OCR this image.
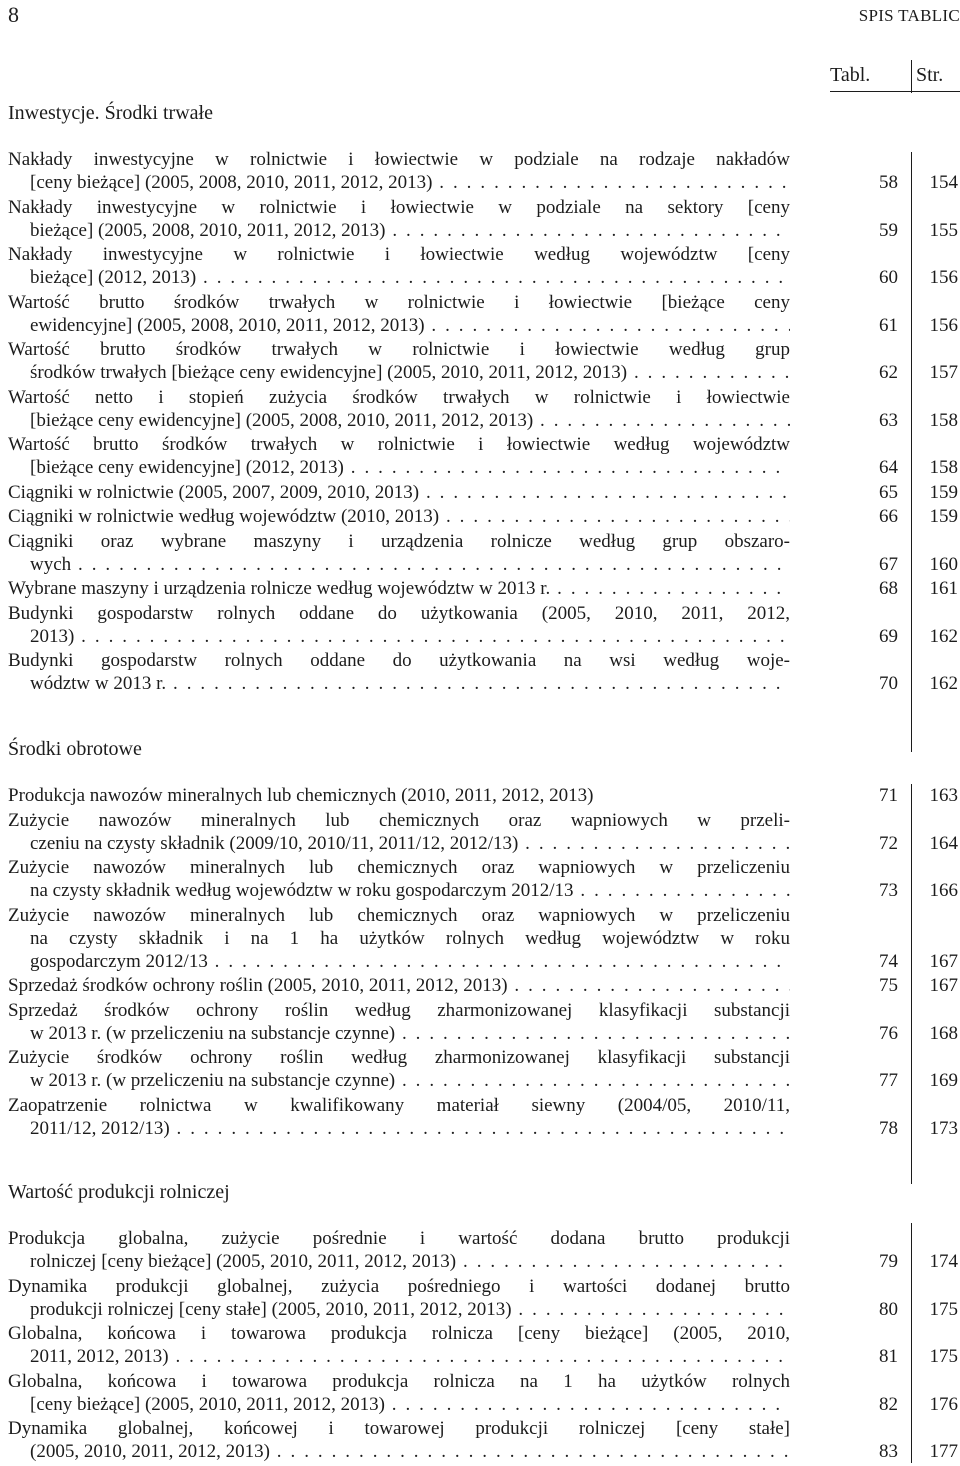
8	SPIS TABLIC
Tabl. Str.
Inwestycje. Środki trwałe
Nakłady inwestycyjne w rolnictwie i łowiectwie w podziale na rodzaje nakładów
[ceny bieżące] (2005, 2008, 2010, 2011, 2012, 2013) . . .	58 154
Nakłady inwestycyjne w rolnictwie i łowiectwie w podziale na sektory [ceny
bieżące] (2005, 2008, 2010, 2011, 2012, 2013) . . .	59 155
Nakłady inwestycyjne w rolnictwie i łowiectwie według województw [ceny
bieżące] (2012, 2013) . . .	60 156
Wartość brutto środków trwałych w rolnictwie i łowiectwie [bieżące ceny
ewidencyjne] (2005, 2008, 2010, 2011, 2012, 2013) . . .	61 156
Wartość brutto środków trwałych w rolnictwie i łowiectwie według grup
środków trwałych [bieżące ceny ewidencyjne] (2005, 2010, 2011, 2012, 2013) . . .	62 157
Wartość netto i stopień zużycia środków trwałych w rolnictwie i łowiectwie
[bieżące ceny ewidencyjne] (2005, 2008, 2010, 2011, 2012, 2013) . . .	63 158
Wartość brutto środków trwałych w rolnictwie i łowiectwie według województw
[bieżące ceny ewidencyjne] (2012, 2013) . . .	64 158
Ciągniki w rolnictwie (2005, 2007, 2009, 2010, 2013) . . .	65 159
Ciągniki w rolnictwie według województw (2010, 2013) . . .	66 159
Ciągniki oraz wybrane maszyny i urządzenia rolnicze według grup obszaro-
wych . . .	67 160
Wybrane maszyny i urządzenia rolnicze według województw w 2013 r. . . .	68 161
Budynki gospodarstw rolnych oddane do użytkowania (2005, 2010, 2011, 2012,
2013) . . .	69 162
Budynki gospodarstw rolnych oddane do użytkowania na wsi według woje-
wództw w 2013 r. . . .	70 162
Środki obrotowe
Produkcja nawozów mineralnych lub chemicznych (2010, 2011, 2012, 2013)	71 163
Zużycie nawozów mineralnych lub chemicznych oraz wapniowych w przeli-
czeniu na czysty składnik (2009/10, 2010/11, 2011/12, 2012/13) . . .	72 164
Zużycie nawozów mineralnych lub chemicznych oraz wapniowych w przeliczeniu
na czysty składnik według województw w roku gospodarczym 2012/13 . . .	73 166
Zużycie nawozów mineralnych lub chemicznych oraz wapniowych w przeliczeniu
na czysty składnik i na 1 ha użytków rolnych według województw w roku
gospodarczym 2012/13 . . .	74 167
Sprzedaż środków ochrony roślin (2005, 2010, 2011, 2012, 2013) . . .	75 167
Sprzedaż środków ochrony roślin według zharmonizowanej klasyfikacji substancji
w 2013 r. (w przeliczeniu na substancje czynne) . . .	76 168
Zużycie środków ochrony roślin według zharmonizowanej klasyfikacji substancji
w 2013 r. (w przeliczeniu na substancje czynne) . . .	77 169
Zaopatrzenie rolnictwa w kwalifikowany materiał siewny (2004/05, 2010/11,
2011/12, 2012/13) . . .	78 173
Wartość produkcji rolniczej
Produkcja globalna, zużycie pośrednie i wartość dodana brutto produkcji
rolniczej [ceny bieżące] (2005, 2010, 2011, 2012, 2013) . . .	79 174
Dynamika produkcji globalnej, zużycia pośredniego i wartości dodanej brutto
produkcji rolniczej [ceny stałe] (2005, 2010, 2011, 2012, 2013) . . .	80 175
Globalna, końcowa i towarowa produkcja rolnicza [ceny bieżące] (2005, 2010,
2011, 2012, 2013) . . .	81 175
Globalna, końcowa i towarowa produkcja rolnicza na 1 ha użytków rolnych
[ceny bieżące] (2005, 2010, 2011, 2012, 2013) . . .	82 176
Dynamika globalnej, końcowej i towarowej produkcji rolniczej [ceny stałe]
(2005, 2010, 2011, 2012, 2013) . . .	83 177
